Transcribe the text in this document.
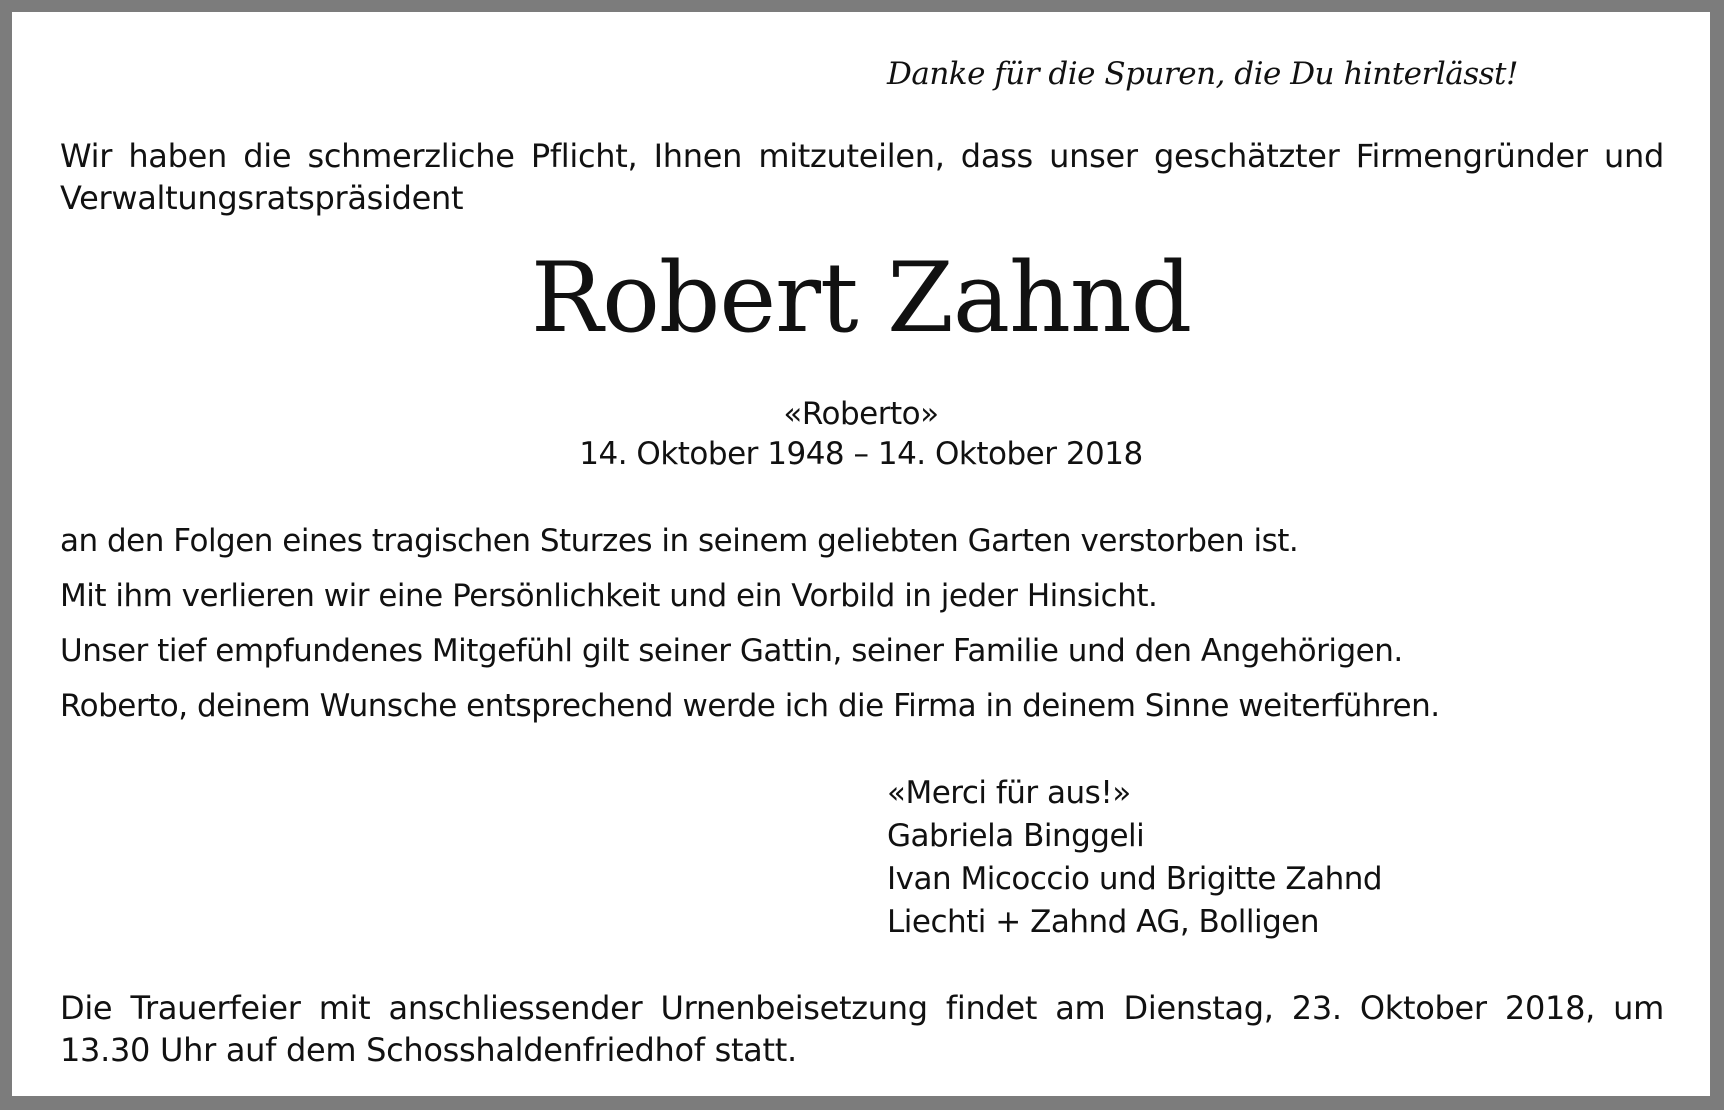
Danke für die Spuren, die Du hinterlässt!
Wir haben die schmerzliche Pflicht, Ihnen mitzuteilen, dass unser geschätzter Firmengründer und Verwaltungsratspräsident
Robert Zahnd
«Roberto»
14. Oktober 1948 – 14. Oktober 2018
an den Folgen eines tragischen Sturzes in seinem geliebten Garten verstorben ist.
Mit ihm verlieren wir eine Persönlichkeit und ein Vorbild in jeder Hinsicht.
Unser tief empfundenes Mitgefühl gilt seiner Gattin, seiner Familie und den Angehörigen.
Roberto, deinem Wunsche entsprechend werde ich die Firma in deinem Sinne weiterführen.
«Merci für aus!»
Gabriela Binggeli
Ivan Micoccio und Brigitte Zahnd
Liechti + Zahnd AG, Bolligen
Die Trauerfeier mit anschliessender Urnenbeisetzung findet am Dienstag, 23. Oktober 2018, um 13.30 Uhr auf dem Schosshaldenfriedhof statt.
